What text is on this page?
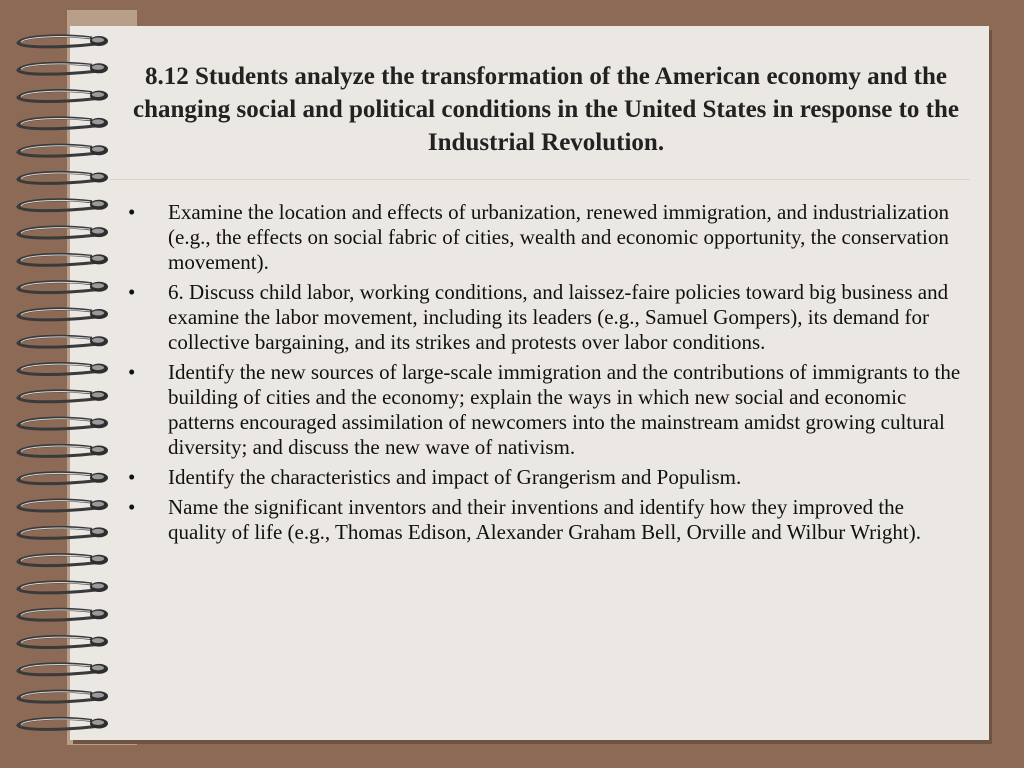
8.12 Students analyze the transformation of the American economy and the changing social and political conditions in the United States in response to the Industrial Revolution.
• Examine the location and effects of urbanization, renewed immigration, and industrialization (e.g., the effects on social fabric of cities, wealth and economic opportunity, the conservation movement).
• 6. Discuss child labor, working conditions, and laissez-faire policies toward big business and examine the labor movement, including its leaders (e.g., Samuel Gompers), its demand for collective bargaining, and its strikes and protests over labor conditions.
• Identify the new sources of large-scale immigration and the contributions of immigrants to the building of cities and the economy; explain the ways in which new social and economic patterns encouraged assimilation of newcomers into the mainstream amidst growing cultural diversity; and discuss the new wave of nativism.
• Identify the characteristics and impact of Grangerism and Populism.
• Name the significant inventors and their inventions and identify how they improved the quality of life (e.g., Thomas Edison, Alexander Graham Bell, Orville and Wilbur Wright).
